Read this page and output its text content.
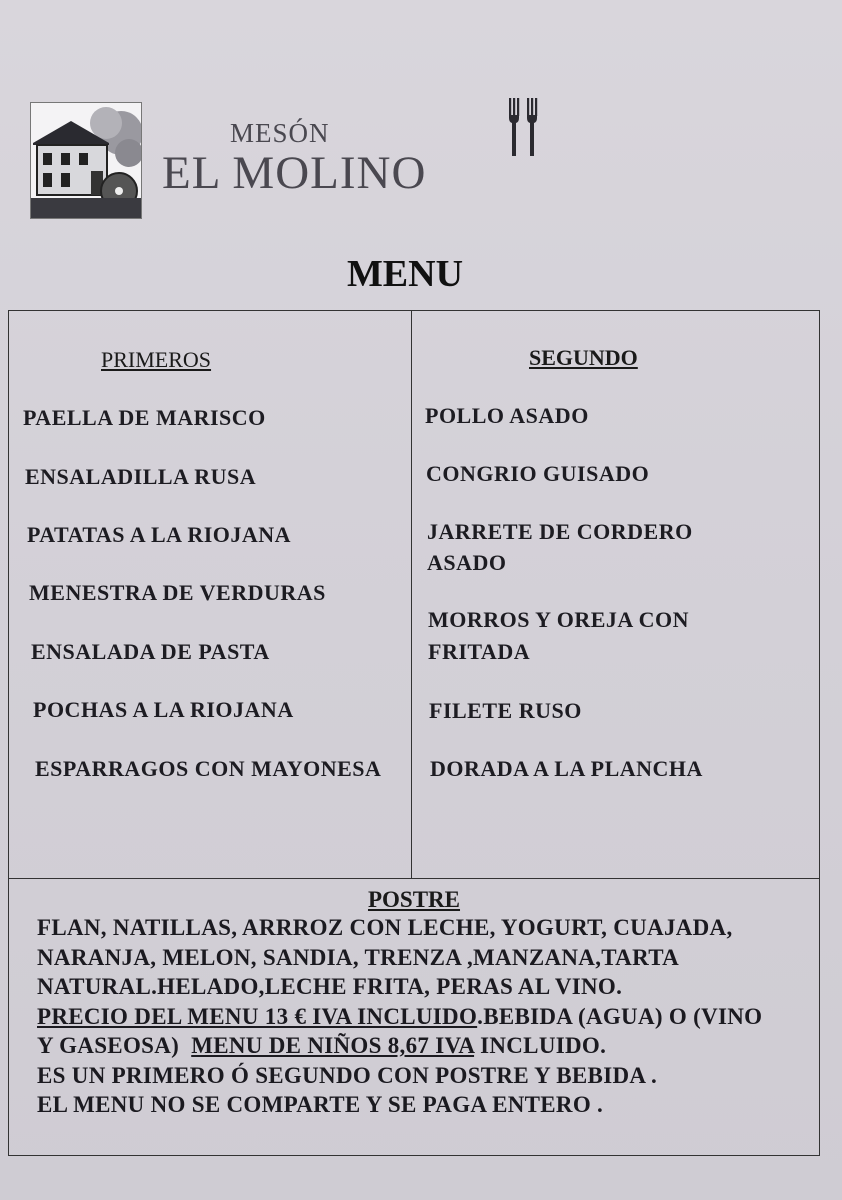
MESÓN
EL MOLINO
MENU
PRIMEROS	SEGUNDO

PAELLA DE MARISCO

ENSALADILLA RUSA

PATATAS A LA RIOJANA

MENESTRA DE VERDURAS

ENSALADA DE PASTA

POCHAS A LA RIOJANA

ESPARRAGOS CON MAYONESA

POLLO ASADO

CONGRIO GUISADO

JARRETE DE CORDERO

ASADO

MORROS Y OREJA CON

FRITADA

FILETE RUSO

DORADA A LA PLANCHA

POSTRE
FLAN, NATILLAS, ARRROZ CON LECHE, YOGURT, CUAJADA,
NARANJA, MELON, SANDIA, TRENZA ,MANZANA,TARTA
NATURAL.HELADO,LECHE FRITA, PERAS AL VINO.
PRECIO DEL MENU 13 € IVA INCLUIDO.BEBIDA (AGUA) O (VINO
Y GASEOSA)  MENU DE NIÑOS 8,67 IVA INCLUIDO.
ES UN PRIMERO Ó SEGUNDO CON POSTRE Y BEBIDA .
EL MENU NO SE COMPARTE Y SE PAGA ENTERO .
